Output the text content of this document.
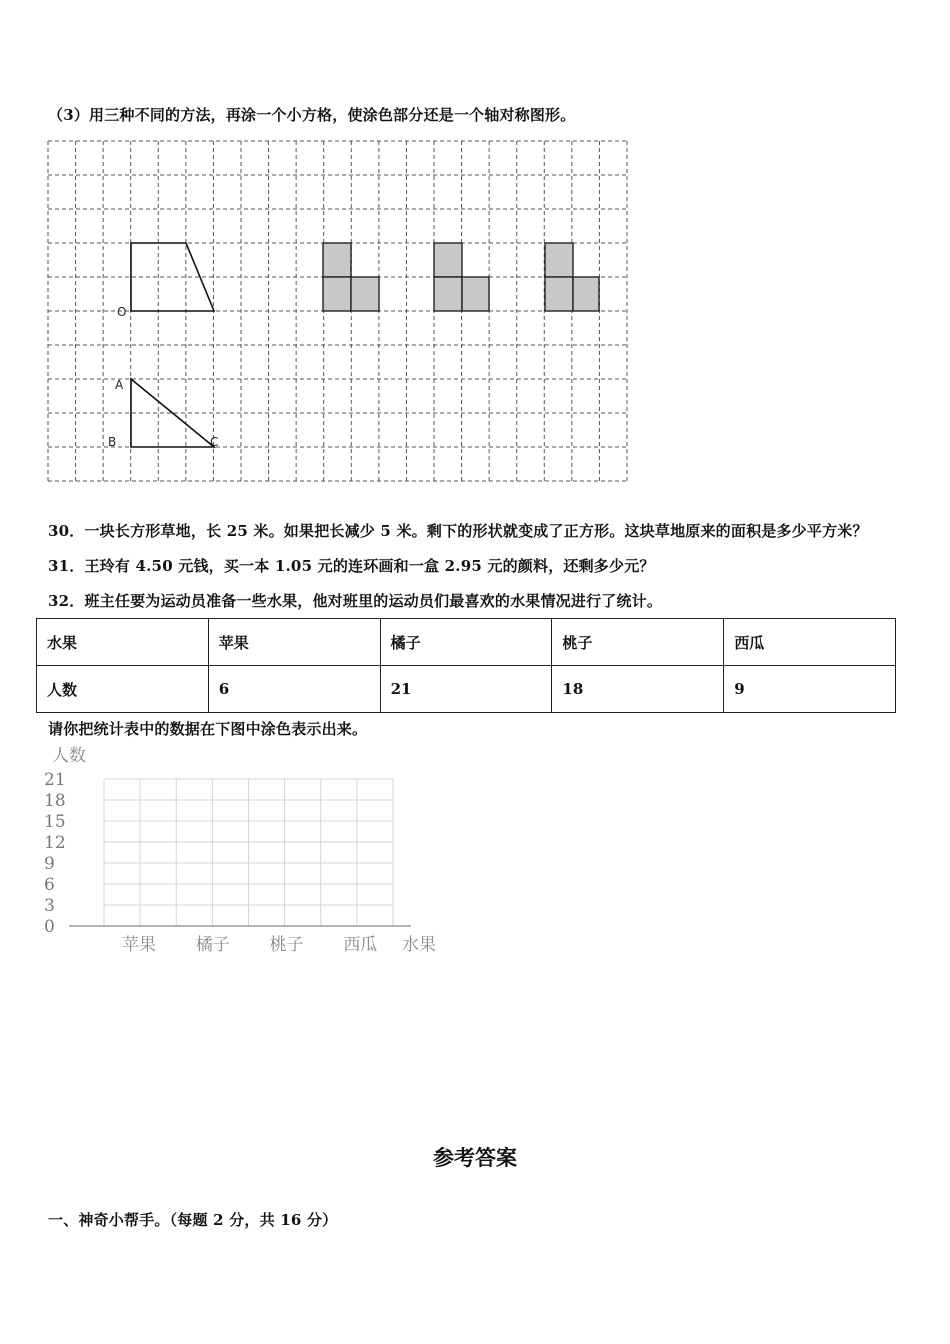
（3）用三种不同的方法，再涂一个小方格，使涂色部分还是一个轴对称图形。
O
A
B	C
30．一块长方形草地，长 25 米。如果把长减少 5 米。剩下的形状就变成了正方形。这块草地原来的面积是多少平方米？
31．王玲有 4.50 元钱，买一本 1.05 元的连环画和一盒 2.95 元的颜料，还剩多少元？
32．班主任要为运动员准备一些水果，他对班里的运动员们最喜欢的水果情况进行了统计。
水果	苹果	橘子	桃子	西瓜
人数	6	21	18	9
请你把统计表中的数据在下图中涂色表示出来。
0
3
6
9
12
15
18
21
苹果 橘子 桃子 西瓜
人数
水果
参考答案
一、神奇小帮手。（每题 2 分，共 16 分）
